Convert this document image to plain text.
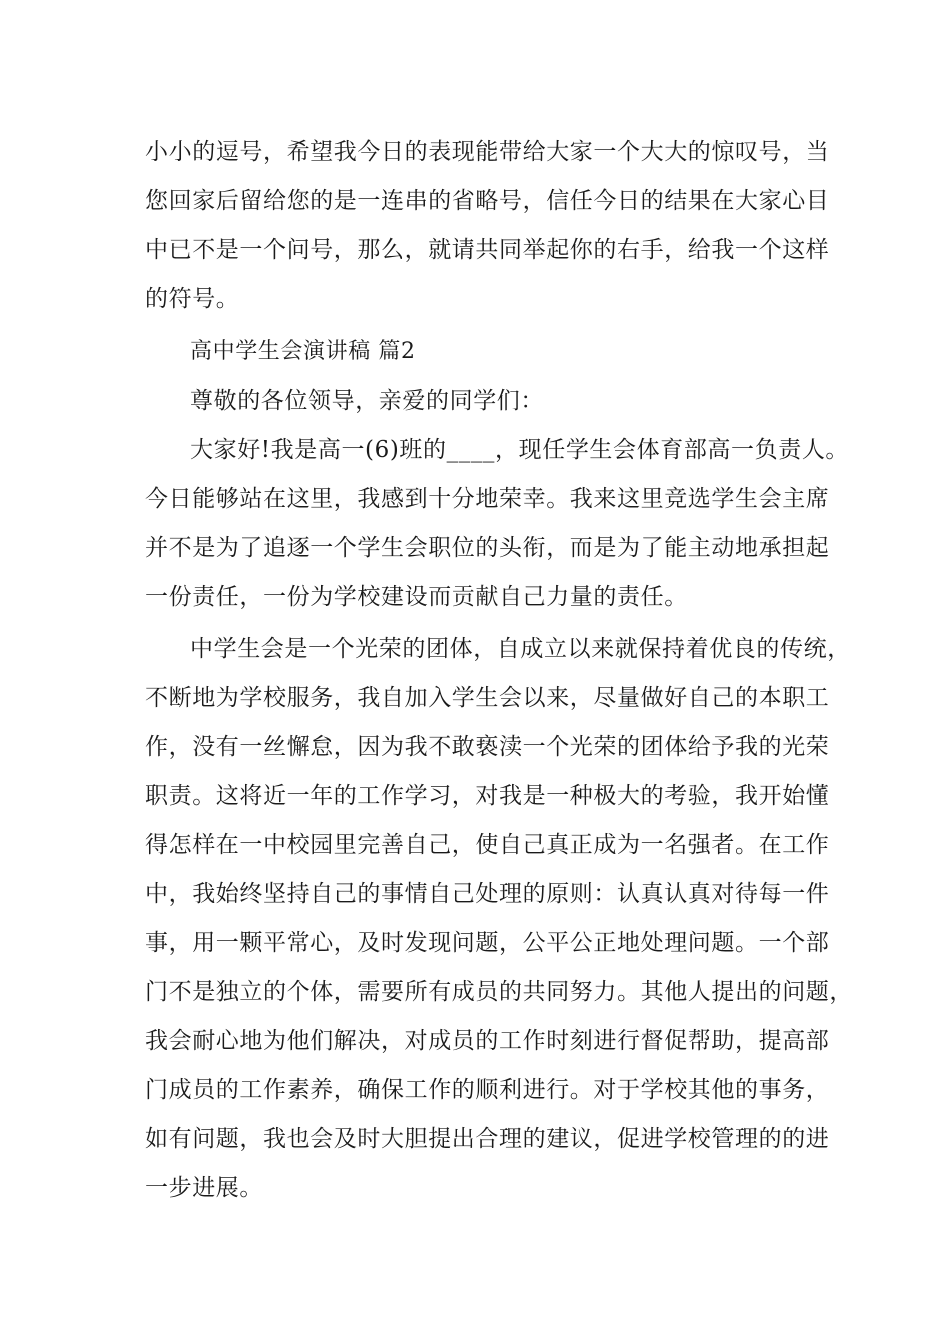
小小的逗号，希望我今日的表现能带给大家一个大大的惊叹号，当
您回家后留给您的是一连串的省略号，信任今日的结果在大家心目
中已不是一个问号，那么，就请共同举起你的右手，给我一个这样
的符号。
高中学生会演讲稿 篇2
尊敬的各位领导，亲爱的同学们：
大家好!我是高一(6)班的____，现任学生会体育部高一负责人。
今日能够站在这里，我感到十分地荣幸。我来这里竞选学生会主席
并不是为了追逐一个学生会职位的头衔，而是为了能主动地承担起
一份责任，一份为学校建设而贡献自己力量的责任。
中学生会是一个光荣的团体，自成立以来就保持着优良的传统，
不断地为学校服务，我自加入学生会以来，尽量做好自己的本职工
作，没有一丝懈怠，因为我不敢亵渎一个光荣的团体给予我的光荣
职责。这将近一年的工作学习，对我是一种极大的考验，我开始懂
得怎样在一中校园里完善自己，使自己真正成为一名强者。在工作
中，我始终坚持自己的事情自己处理的原则：认真认真对待每一件
事，用一颗平常心，及时发现问题，公平公正地处理问题。一个部
门不是独立的个体，需要所有成员的共同努力。其他人提出的问题，
我会耐心地为他们解决，对成员的工作时刻进行督促帮助，提高部
门成员的工作素养，确保工作的顺利进行。对于学校其他的事务，
如有问题，我也会及时大胆提出合理的建议，促进学校管理的的进
一步进展。
